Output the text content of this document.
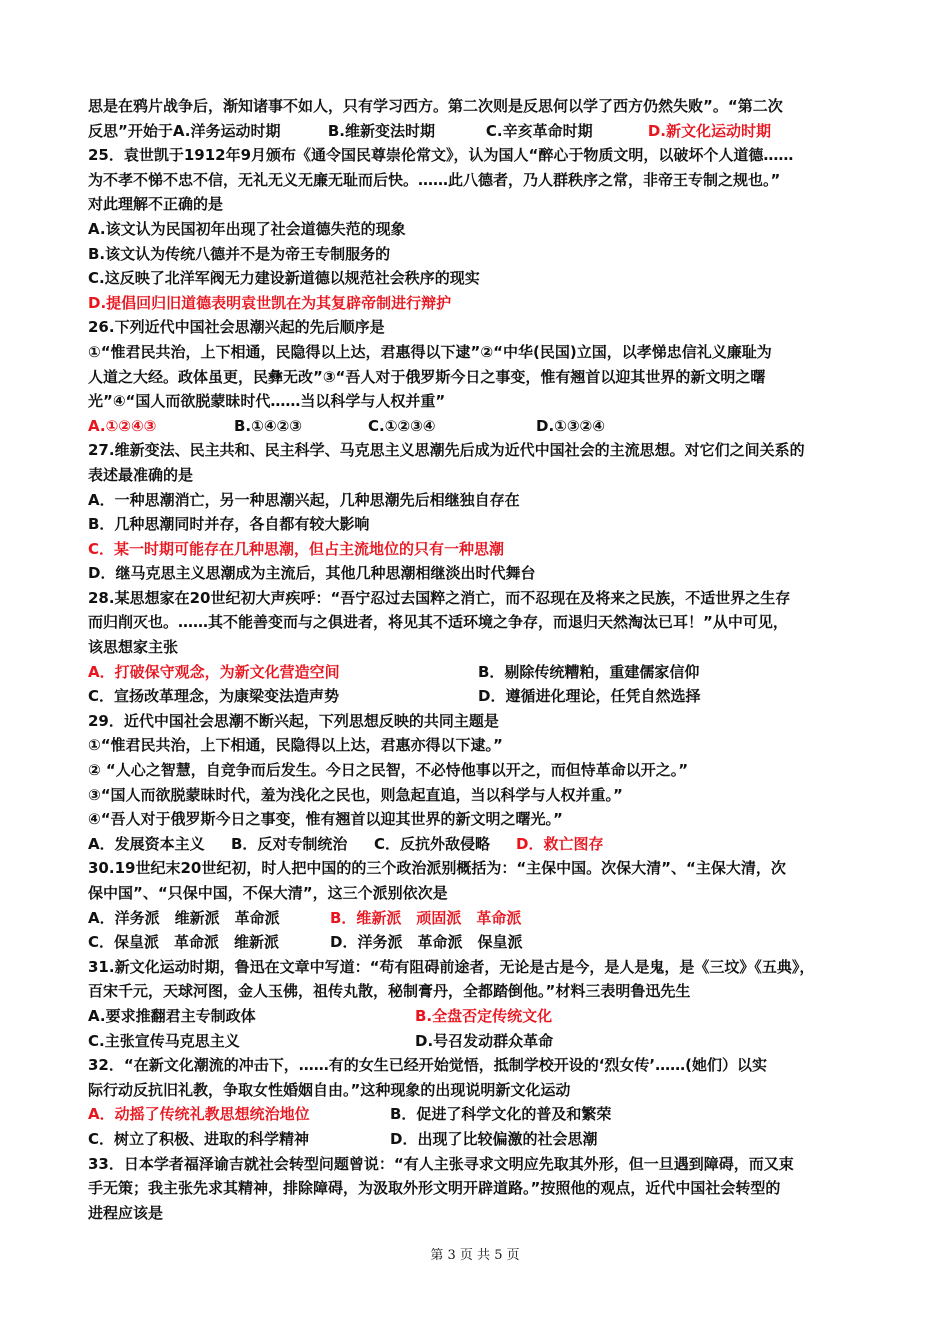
思是在鸦片战争后，渐知诸事不如人，只有学习西方。第二次则是反思何以学了西方仍然失败”。“第二次
反思”开始于A.洋务运动时期	B.维新变法时期	C.辛亥革命时期	D.新文化运动时期
25．袁世凯于1912年9月颁布《通令国民尊崇伦常文》，认为国人“醉心于物质文明，以破坏个人道德……
为不孝不悌不忠不信，无礼无义无廉无耻而后快。……此八德者，乃人群秩序之常，非帝王专制之规也。”
对此理解不正确的是
A.该文认为民国初年出现了社会道德失范的现象
B.该文认为传统八德并不是为帝王专制服务的
C.这反映了北洋军阀无力建设新道德以规范社会秩序的现实
D.提倡回归旧道德表明袁世凯在为其复辟帝制进行辩护
26.下列近代中国社会思潮兴起的先后顺序是
①“惟君民共治，上下相通，民隐得以上达，君惠得以下逮”②“中华(民国)立国，以孝悌忠信礼义廉耻为
人道之大经。政体虽更，民彝无改”③“吾人对于俄罗斯今日之事变，惟有翘首以迎其世界的新文明之曙
光”④“国人而欲脱蒙昧时代……当以科学与人权并重”
A.①②④③	B.①④②③	C.①②③④	D.①③②④
27.维新变法、民主共和、民主科学、马克思主义思潮先后成为近代中国社会的主流思想。对它们之间关系的
表述最准确的是
A．一种思潮消亡，另一种思潮兴起，几种思潮先后相继独自存在
B．几种思潮同时并存，各自都有较大影响
C．某一时期可能存在几种思潮，但占主流地位的只有一种思潮
D．继马克思主义思潮成为主流后，其他几种思潮相继淡出时代舞台
28.某思想家在20世纪初大声疾呼：“吾宁忍过去国粹之消亡，而不忍现在及将来之民族，不适世界之生存
而归削灭也。……其不能善变而与之俱进者，将见其不适环境之争存，而退归天然淘汰已耳！”从中可见，
该思想家主张
A．打破保守观念，为新文化营造空间	B．剔除传统糟粕，重建儒家信仰
C．宣扬改革理念，为康梁变法造声势	D．遵循进化理论，任凭自然选择
29．近代中国社会思潮不断兴起，下列思想反映的共同主题是
①“惟君民共治，上下相通，民隐得以上达，君惠亦得以下逮。”
② “人心之智慧，自竞争而后发生。今日之民智，不必恃他事以开之，而但恃革命以开之。”
③“国人而欲脱蒙昧时代，羞为浅化之民也，则急起直追，当以科学与人权并重。”
④“吾人对于俄罗斯今日之事变，惟有翘首以迎其世界的新文明之曙光。”
A．发展资本主义 B．反对专制统治 C．反抗外敌侵略 D．救亡图存
30.19世纪末20世纪初，时人把中国的的三个政治派别概括为：“主保中国。次保大清”、“主保大清，次
保中国”、“只保中国，不保大清”，这三个派别依次是
A．洋务派　维新派　革命派	B．维新派　顽固派　革命派
C．保皇派　革命派　维新派	D．洋务派　革命派　保皇派
31.新文化运动时期，鲁迅在文章中写道：“苟有阻碍前途者，无论是古是今，是人是鬼，是《三坟》《五典》，
百宋千元，天球河图，金人玉佛，祖传丸散，秘制膏丹，全都踏倒他。”材料三表明鲁迅先生
A.要求推翻君主专制政体	B.全盘否定传统文化
C.主张宣传马克思主义	D.号召发动群众革命
32．“在新文化潮流的冲击下，……有的女生已经开始觉悟，抵制学校开设的‘烈女传’……(她们）以实
际行动反抗旧礼教，争取女性婚姻自由。”这种现象的出现说明新文化运动
A．动摇了传统礼教思想统治地位	B．促进了科学文化的普及和繁荣
C．树立了积极、进取的科学精神	D．出现了比较偏激的社会思潮
33．日本学者福泽谕吉就社会转型问题曾说：“有人主张寻求文明应先取其外形，但一旦遇到障碍，而又束
手无策；我主张先求其精神，排除障碍，为汲取外形文明开辟道路。”按照他的观点，近代中国社会转型的
进程应该是
第 3 页 共 5 页
